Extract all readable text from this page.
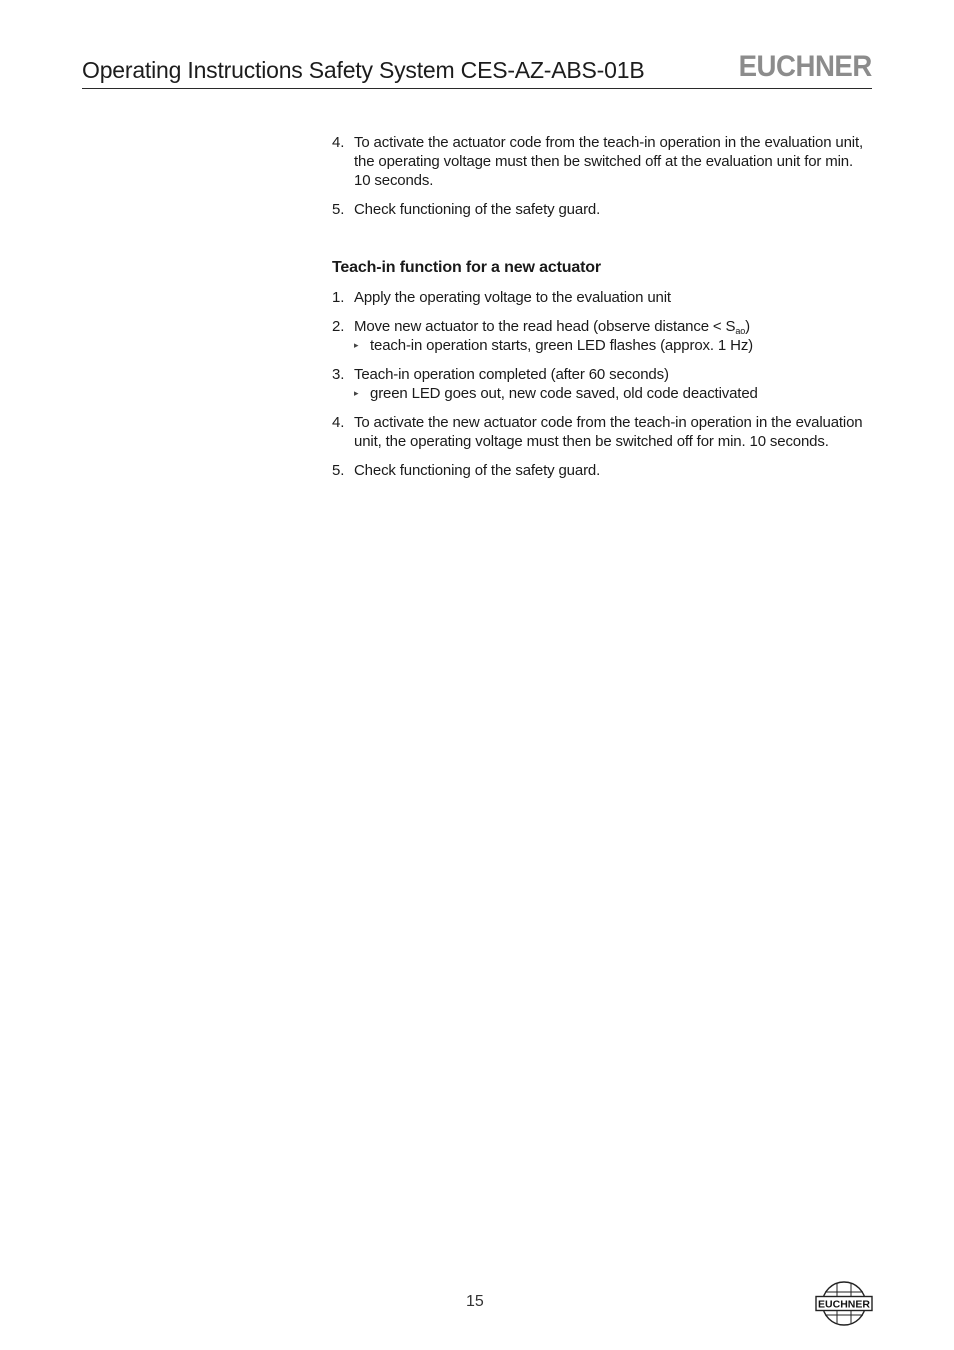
Operating Instructions Safety System CES-AZ-ABS-01B	EUCHNER
4. To activate the actuator code from the teach-in operation in the evaluation unit,
the operating voltage must then be switched off at the evaluation unit for min.
10 seconds.
5. Check functioning of the safety guard.
Teach-in function for a new actuator
1. Apply the operating voltage to the evaluation unit
2. Move new actuator to the read head (observe distance < $S_{ao}$)
▸ teach-in operation starts, green LED flashes (approx. 1 Hz)
3. Teach-in operation completed (after 60 seconds)
▸ green LED goes out, new code saved, old code deactivated
4. To activate the new actuator code from the teach-in operation in the evaluation
unit, the operating voltage must then be switched off for min. 10 seconds.
5. Check functioning of the safety guard.
15	EUCHNER
